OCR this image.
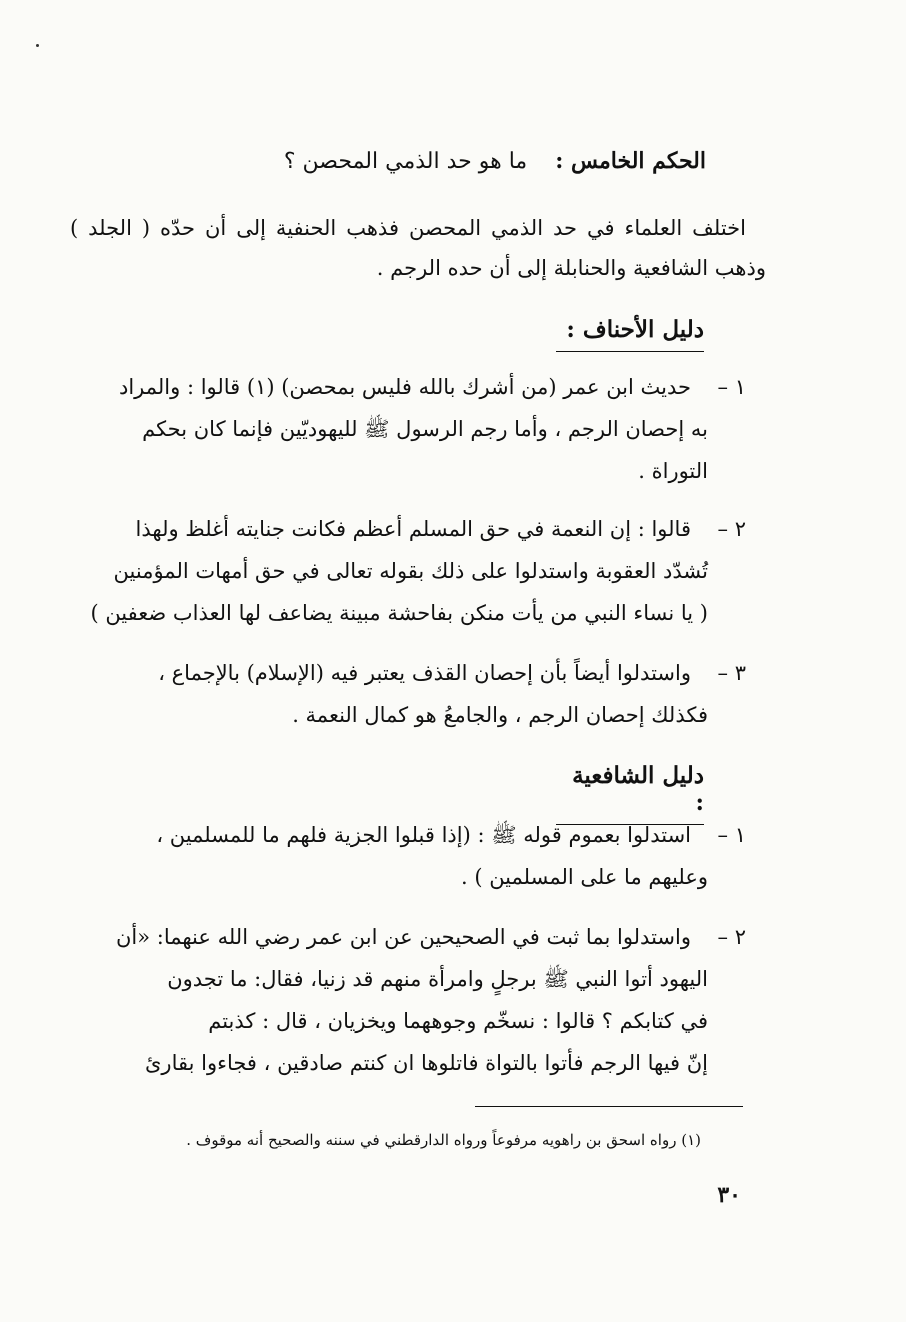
الحكم الخامس :    ما هو حد الذمي المحصن ؟
اختلف العلماء في حد الذمي المحصن فذهب الحنفية إلى أن حدّه ( الجلد )
وذهب الشافعية والحنابلة إلى أن حده الرجم .
دليل الأحناف :
١ –حديث ابن عمر (من أشرك بالله فليس بمحصن) (١) قالوا : والمراد
به إحصان الرجم ، وأما رجم الرسول ﷺ لليهوديّين فإنما كان بحكم
التوراة .
٢ –قالوا : إن النعمة في حق المسلم أعظم فكانت جنايته أغلظ ولهذا
تُشدّد العقوبة واستدلوا على ذلك بقوله تعالى في حق أمهات المؤمنين
( يا نساء النبي من يأت منكن بفاحشة مبينة يضاعف لها العذاب ضعفين )
٣ –واستدلوا أيضاً بأن إحصان القذف يعتبر فيه (الإسلام) بالإجماع ،
فكذلك إحصان الرجم ، والجامعُ هو كمال النعمة .
دليل الشافعية :
١ –استدلوا بعموم قوله ﷺ : (إذا قبلوا الجزية فلهم ما للمسلمين ،
وعليهم ما على المسلمين ) .
٢ –واستدلوا بما ثبت في الصحيحين عن ابن عمر رضي الله عنهما: «أن
اليهود أتوا النبي ﷺ برجلٍ وامرأة منهم قد زنيا، فقال: ما تجدون
في كتابكم ؟ قالوا : نسخّم وجوههما ويخزيان ، قال : كذبتم
إنّ فيها الرجم فأتوا بالتواة فاتلوها ان كنتم صادقين ، فجاءوا بقارئ
(١) رواه اسحق بن راهويه مرفوعاً ورواه الدارقطني في سننه والصحيح أنه موقوف .
٣٠
